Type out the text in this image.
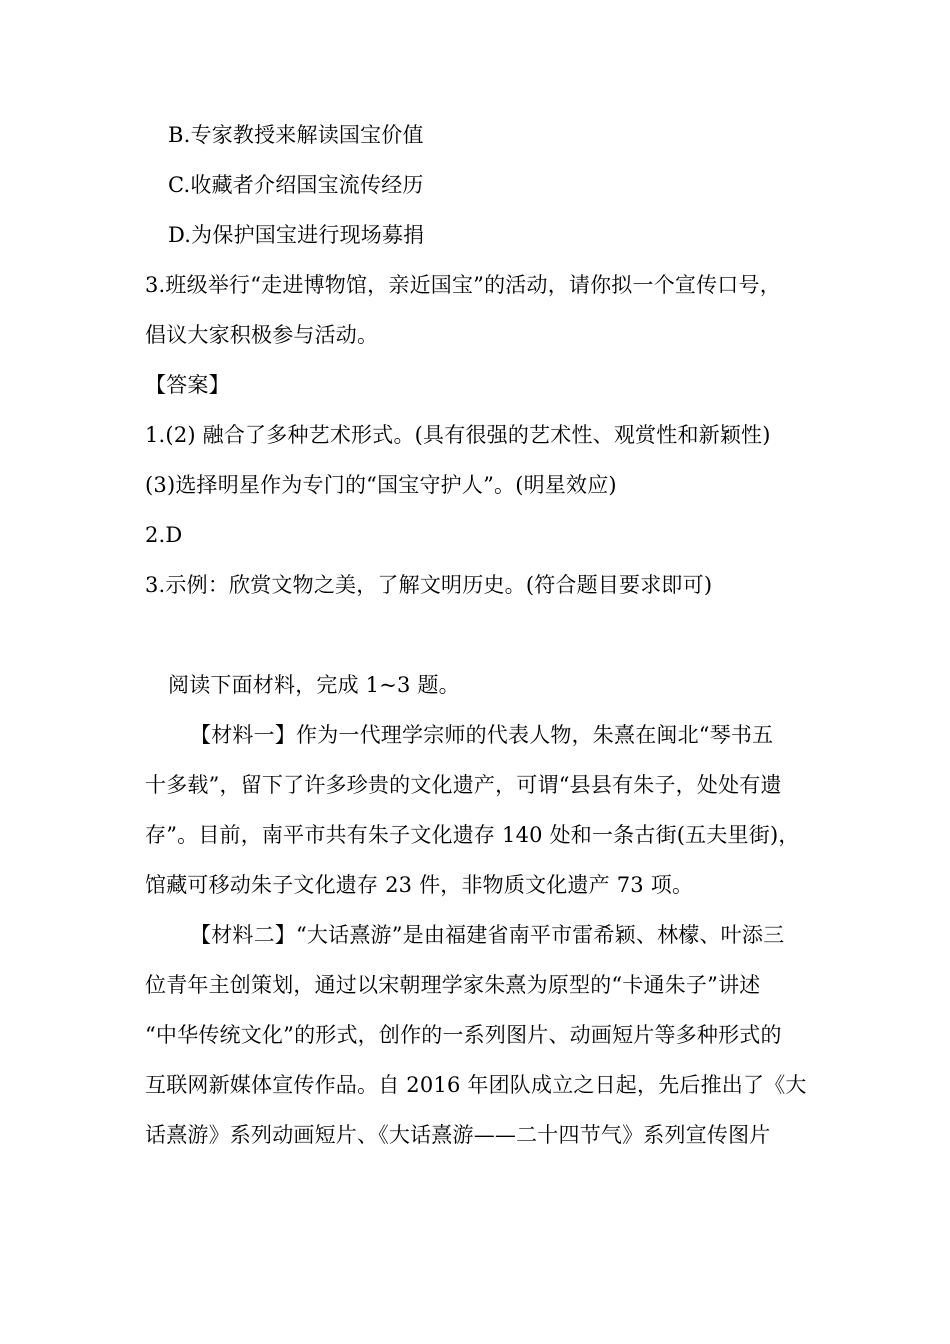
B.专家教授来解读国宝价值
C.收藏者介绍国宝流传经历
D.为保护国宝进行现场募捐
3.班级举行“走进博物馆，亲近国宝”的活动，请你拟一个宣传口号，
倡议大家积极参与活动。
【答案】
1.(2) 融合了多种艺术形式。(具有很强的艺术性、观赏性和新颖性)
(3)选择明星作为专门的“国宝守护人”。(明星效应)
2.D
3.示例：欣赏文物之美，了解文明历史。(符合题目要求即可)
阅读下面材料，完成 1~3 题。
【材料一】作为一代理学宗师的代表人物，朱熹在闽北“琴书五
十多载”，留下了许多珍贵的文化遗产，可谓“县县有朱子，处处有遗
存”。目前，南平市共有朱子文化遗存 140 处和一条古街(五夫里街)，
馆藏可移动朱子文化遗存 23 件，非物质文化遗产 73 项。
【材料二】“大话熹游”是由福建省南平市雷希颖、林檬、叶添三
位青年主创策划，通过以宋朝理学家朱熹为原型的“卡通朱子”讲述
“中华传统文化”的形式，创作的一系列图片、动画短片等多种形式的
互联网新媒体宣传作品。自 2016 年团队成立之日起，先后推出了《大
话熹游》系列动画短片、《大话熹游——二十四节气》系列宣传图片
